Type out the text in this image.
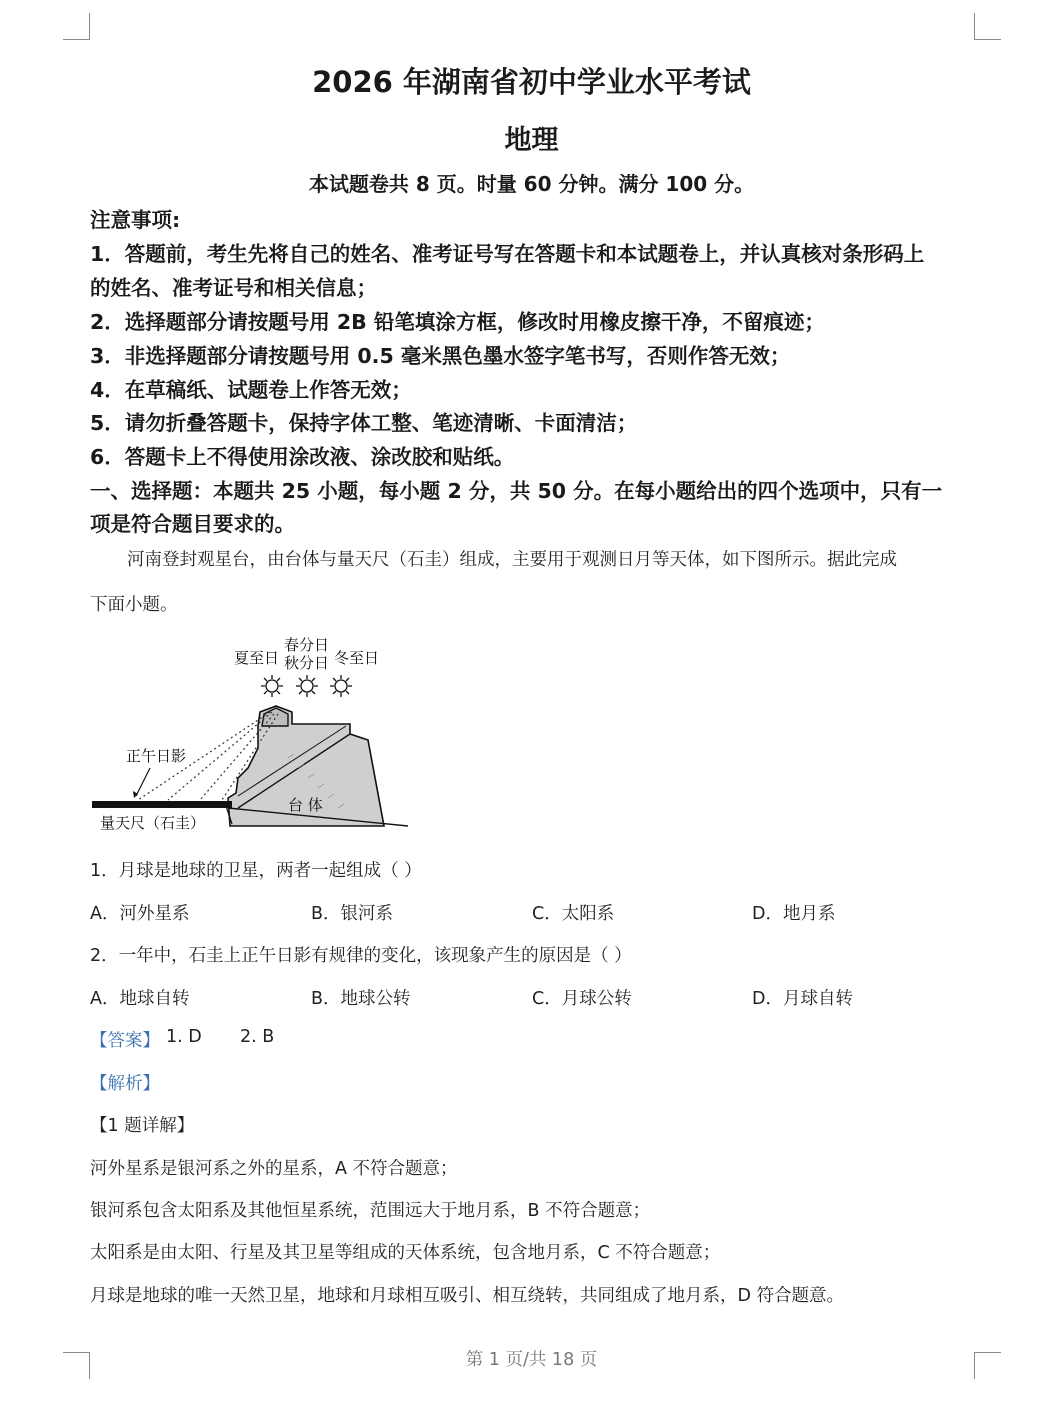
2026 年湖南省初中学业水平考试
地理
本试题卷共 8 页。时量 60 分钟。满分 100 分。
注意事项:
1．答题前，考生先将自己的姓名、准考证号写在答题卡和本试题卷上，并认真核对条形码上
的姓名、准考证号和相关信息；
2．选择题部分请按题号用 2B 铅笔填涂方框，修改时用橡皮擦干净，不留痕迹；
3．非选择题部分请按题号用 0.5 毫米黑色墨水签字笔书写，否则作答无效；
4．在草稿纸、试题卷上作答无效；
5．请勿折叠答题卡，保持字体工整、笔迹清晰、卡面清洁；
6．答题卡上不得使用涂改液、涂改胶和贴纸。
一、选择题：本题共 25 小题，每小题 2 分，共 50 分。在每小题给出的四个选项中，只有一
项是符合题目要求的。
河南登封观星台，由台体与量天尺（石圭）组成，主要用于观测日月等天体，如下图所示。据此完成
下面小题。
夏至日
春分日
秋分日 冬至日
台 体
正午日影
量天尺（石圭）
1．月球是地球的卫星，两者一起组成（ ）
A．河外星系	B．银河系	C．太阳系	D．地月系
2．一年中，石圭上正午日影有规律的变化，该现象产生的原因是（ ）
A．地球自转	B．地球公转	C．月球公转	D．月球自转
【答案】 1. D 2. B
【解析】
【1 题详解】
河外星系是银河系之外的星系，A 不符合题意；
银河系包含太阳系及其他恒星系统，范围远大于地月系，B 不符合题意；
太阳系是由太阳、行星及其卫星等组成的天体系统，包含地月系，C 不符合题意；
月球是地球的唯一天然卫星，地球和月球相互吸引、相互绕转，共同组成了地月系，D 符合题意。
第 1 页/共 18 页
